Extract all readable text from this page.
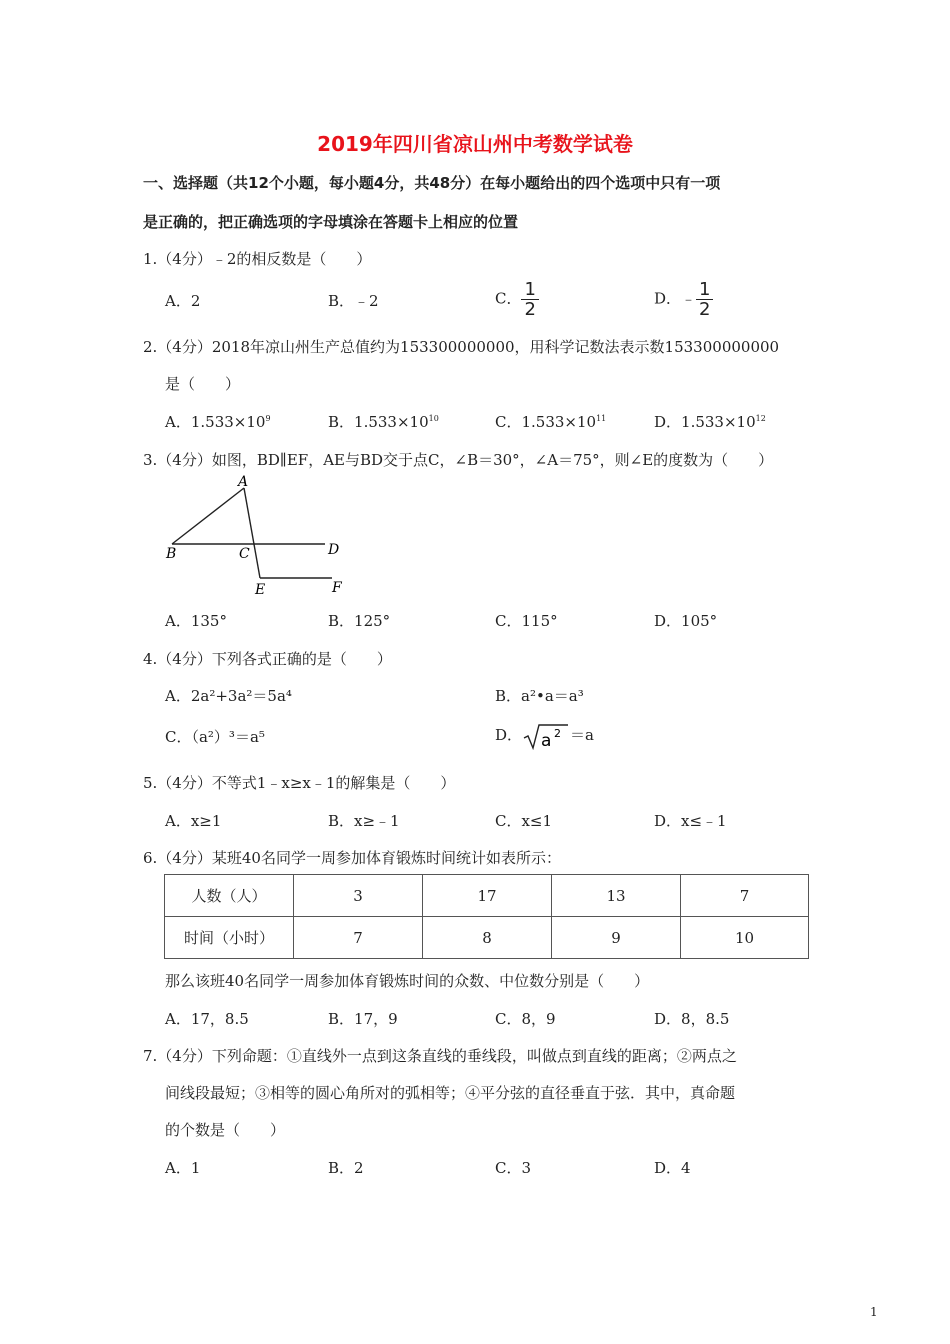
2019年四川省凉山州中考数学试卷
一、选择题（共12个小题，每小题4分，共48分）在每小题给出的四个选项中只有一项
是正确的，把正确选项的字母填涂在答题卡上相应的位置
1.（4分）﹣2的相反数是（　　）
A．2	B．﹣2	C． $\frac{1}{2}$	D．﹣ $\frac{1}{2}$
2.（4分）2018年凉山州生产总值约为153300000000，用科学记数法表示数153300000000
是（　　）
A．$1.533\times 10^9$	B．$1.533\times 10^{10}$	C．$1.533\times 10^{11}$	D．$1.533\times 10^{12}$
3.（4分）如图，BD∥EF，AE与BD交于点C，∠B＝30°，∠A＝75°，则∠E的度数为（　　）
A
B	C	D
E	F
A．135°	B．125°	C．115°	D．105°
4.（4分）下列各式正确的是（　　）
A．2a²+3a²＝5a⁴	B．a²•a＝a³
C．（a²）³＝a⁵	D． a 2 ＝a
5.（4分）不等式1﹣x≥x﹣1的解集是（　　）
A．x≥1	B．x≥﹣1	C．x≤1	D．x≤﹣1
6.（4分）某班40名同学一周参加体育锻炼时间统计如表所示：
人数（人）	3	17	13	7
时间（小时）	7	8	9	10
那么该班40名同学一周参加体育锻炼时间的众数、中位数分别是（　　）
A．17，8.5	B．17，9	C．8，9	D．8，8.5
7.（4分）下列命题：①直线外一点到这条直线的垂线段，叫做点到直线的距离；②两点之
间线段最短；③相等的圆心角所对的弧相等；④平分弦的直径垂直于弦．其中，真命题
的个数是（　　）
A．1	B．2	C．3	D．4
1
